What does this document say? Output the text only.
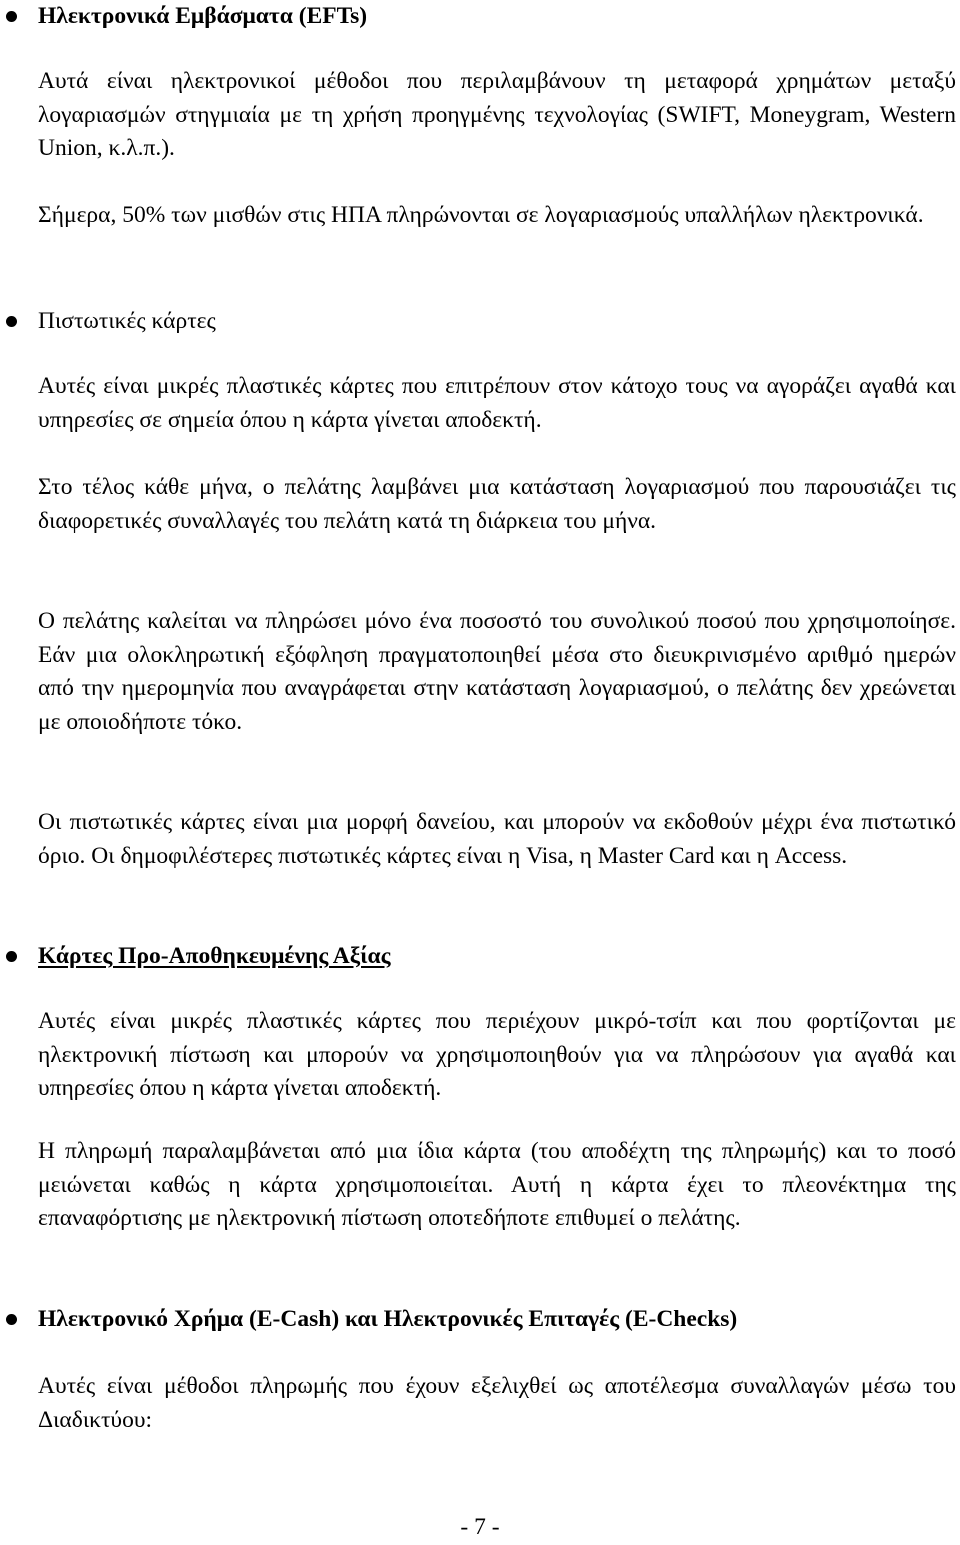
Ηλεκτρονικά Εμβάσματα (EFTs)

Αυτά είναι ηλεκτρονικοί μέθοδοι που περιλαμβάνουν τη μεταφορά χρημάτων μεταξύ λογαριασμών στηγμιαία με τη χρήση προηγμένης τεχνολογίας (SWIFT, Moneygram, Western Union, κ.λ.π.).

Σήμερα, 50% των μισθών στις ΗΠΑ πληρώνονται σε λογαριασμούς υπαλλήλων ηλεκτρονικά.

Πιστωτικές κάρτες

Αυτές είναι μικρές πλαστικές κάρτες που επιτρέπουν στον κάτοχο τους να αγοράζει αγαθά και υπηρεσίες σε σημεία όπου η κάρτα γίνεται αποδεκτή.

Στο τέλος κάθε μήνα, ο πελάτης λαμβάνει μια κατάσταση λογαριασμού που παρουσιάζει τις διαφορετικές συναλλαγές του πελάτη κατά τη διάρκεια του μήνα.

Ο πελάτης καλείται να πληρώσει μόνο ένα ποσοστό του συνολικού ποσού που χρησιμοποίησε. Εάν μια ολοκληρωτική εξόφληση πραγματοποιηθεί μέσα στο διευκρινισμένο αριθμό ημερών από την ημερομηνία που αναγράφεται στην κατάσταση λογαριασμού, ο πελάτης δεν χρεώνεται με οποιοδήποτε τόκο.

Οι πιστωτικές κάρτες είναι μια μορφή δανείου, και μπορούν να εκδοθούν μέχρι ένα πιστωτικό όριο. Οι δημοφιλέστερες πιστωτικές κάρτες είναι η Visa, η Master Card και η Access.

Κάρτες Προ-Αποθηκευμένης Αξίας

Αυτές είναι μικρές πλαστικές κάρτες που περιέχουν μικρό-τσίπ και που φορτίζονται με ηλεκτρονική πίστωση και μπορούν να χρησιμοποιηθούν για να πληρώσουν για αγαθά και υπηρεσίες όπου η κάρτα γίνεται αποδεκτή.

Η πληρωμή παραλαμβάνεται από μια ίδια κάρτα (του αποδέχτη της πληρωμής) και το ποσό μειώνεται καθώς η κάρτα χρησιμοποιείται. Αυτή η κάρτα έχει το πλεονέκτημα της επαναφόρτισης με ηλεκτρονική πίστωση οποτεδήποτε επιθυμεί ο πελάτης.

Ηλεκτρονικό Χρήμα (E-Cash) και Ηλεκτρονικές Επιταγές (E-Checks)

Αυτές είναι μέθοδοι πληρωμής που έχουν εξελιχθεί ως αποτέλεσμα συναλλαγών μέσω του Διαδικτύου:

- 7 -
